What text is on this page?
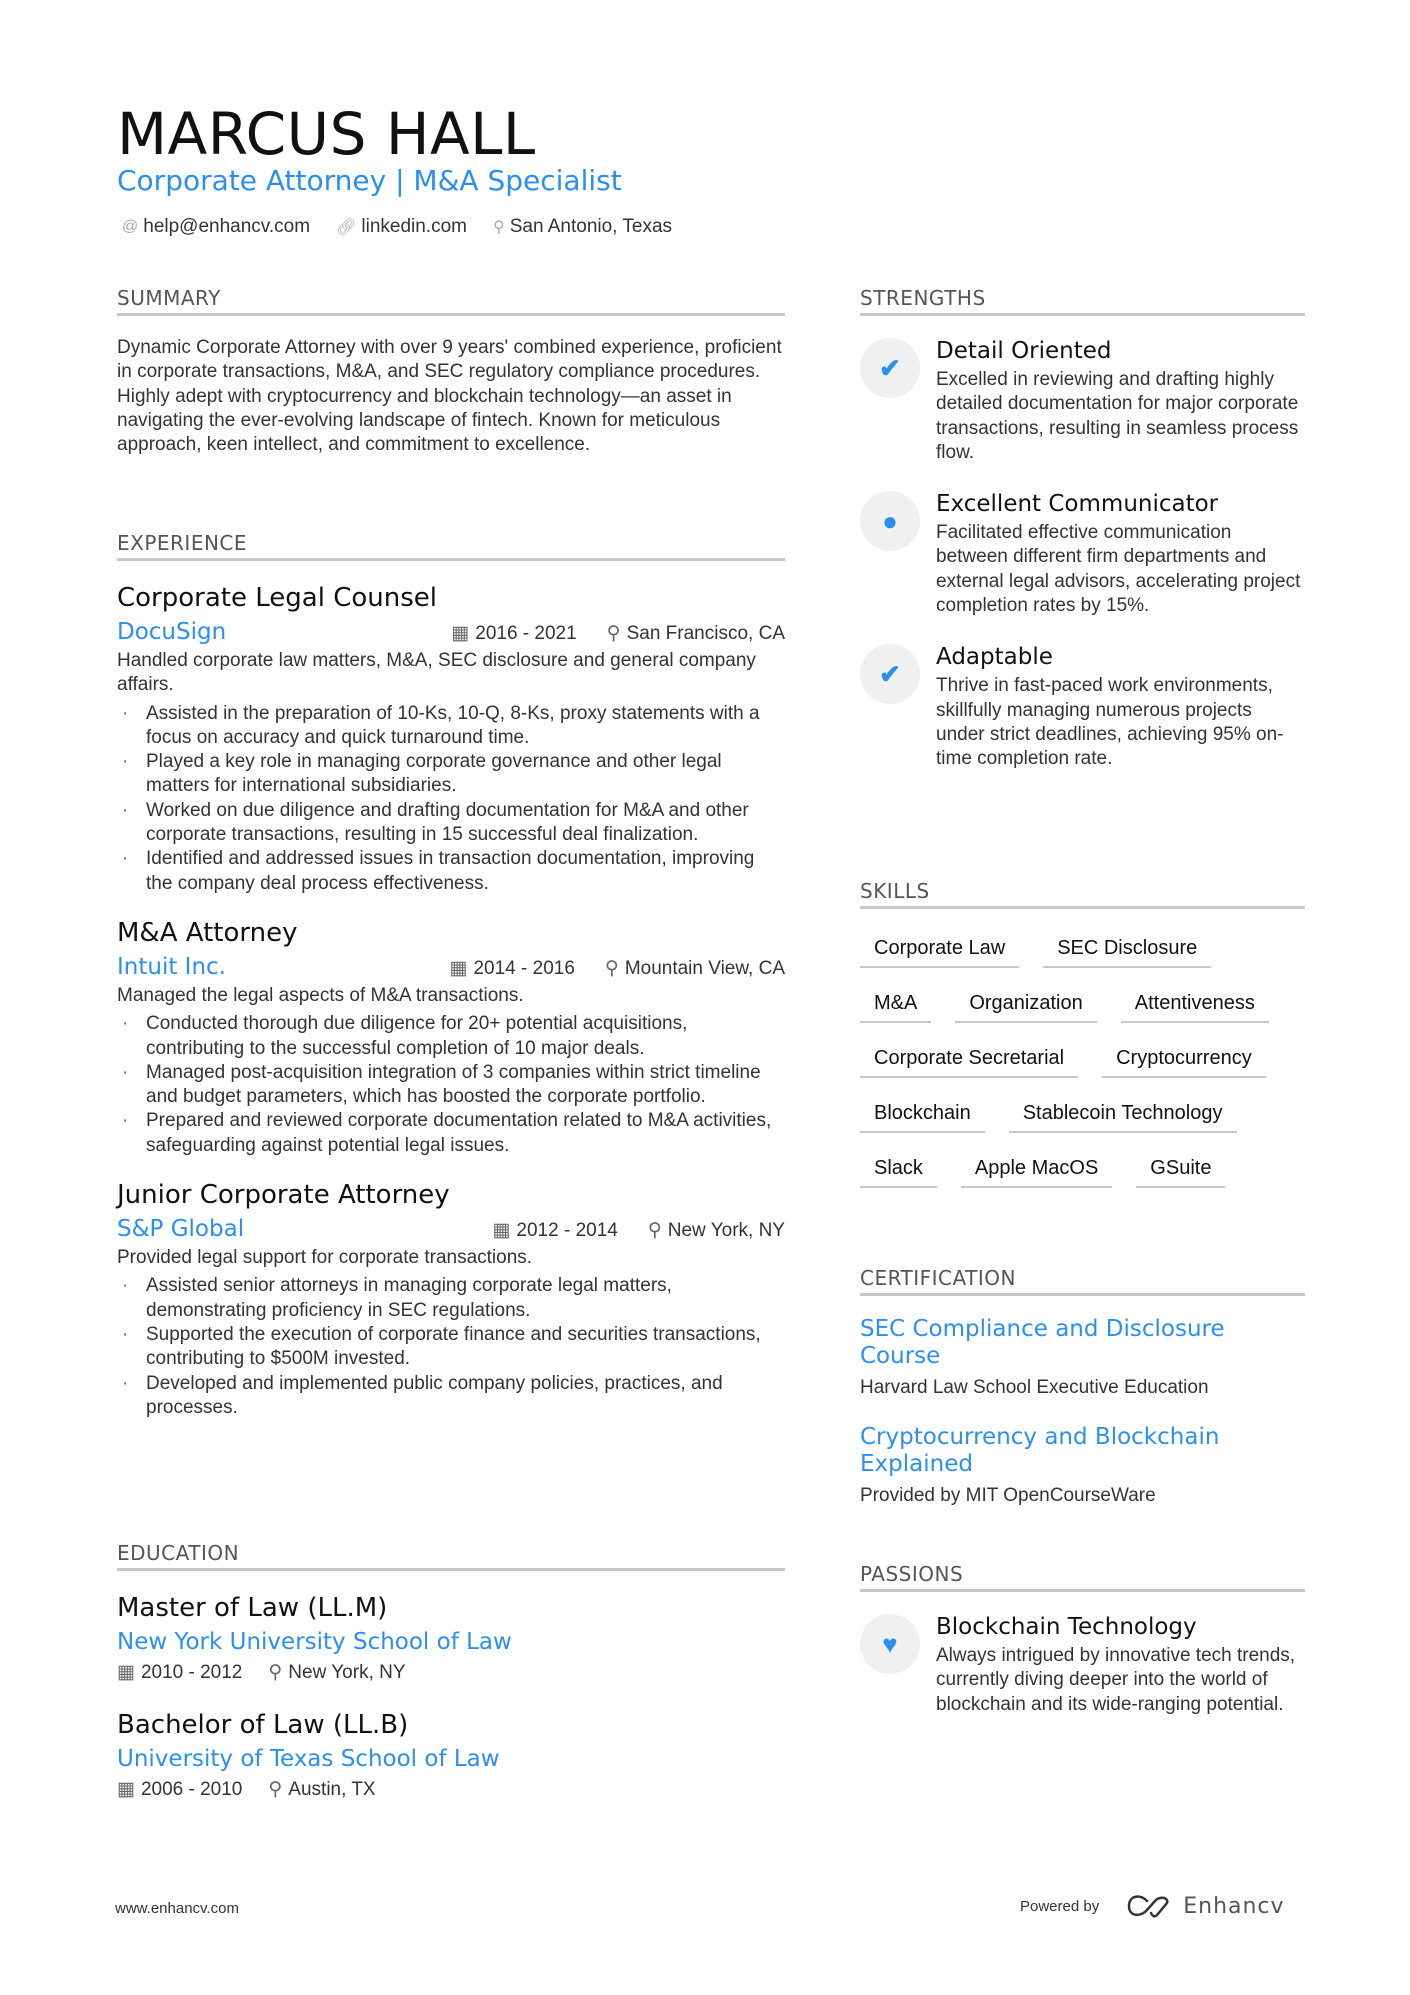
MARCUS HALL
Corporate Attorney | M&A Specialist
@ help@enhancv.com 🔗︎ linkedin.com ⚲ San Antonio, Texas
SUMMARY

Dynamic Corporate Attorney with over 9 years' combined experience, proficient in corporate transactions, M&A, and SEC regulatory compliance procedures. Highly adept with cryptocurrency and blockchain technology—an asset in navigating the ever-evolving landscape of fintech. Known for meticulous approach, keen intellect, and commitment to excellence.

EXPERIENCE
Corporate Legal Counsel
DocuSign	▦ 2016 - 2021 ⚲ San Francisco, CA

Handled corporate law matters, M&A, SEC disclosure and general company affairs.

· Assisted in the preparation of 10-Ks, 10-Q, 8-Ks, proxy statements with a focus on accuracy and quick turnaround time.
· Played a key role in managing corporate governance and other legal matters for international subsidiaries.
· Worked on due diligence and drafting documentation for M&A and other corporate transactions, resulting in 15 successful deal finalization.
· Identified and addressed issues in transaction documentation, improving the company deal process effectiveness.
M&A Attorney
Intuit Inc.	▦ 2014 - 2016 ⚲ Mountain View, CA

Managed the legal aspects of M&A transactions.

· Conducted thorough due diligence for 20+ potential acquisitions, contributing to the successful completion of 10 major deals.
· Managed post-acquisition integration of 3 companies within strict timeline and budget parameters, which has boosted the corporate portfolio.
· Prepared and reviewed corporate documentation related to M&A activities, safeguarding against potential legal issues.
Junior Corporate Attorney
S&P Global	▦ 2012 - 2014 ⚲ New York, NY

Provided legal support for corporate transactions.

· Assisted senior attorneys in managing corporate legal matters, demonstrating proficiency in SEC regulations.
· Supported the execution of corporate finance and securities transactions, contributing to $500M invested.
· Developed and implemented public company policies, practices, and processes.
EDUCATION
Master of Law (LL.M)
New York University School of Law
▦ 2010 - 2012 ⚲ New York, NY
Bachelor of Law (LL.B)
University of Texas School of Law
▦ 2006 - 2010 ⚲ Austin, TX
STRENGTHS
✔
Detail Oriented

Excelled in reviewing and drafting highly detailed documentation for major corporate transactions, resulting in seamless process flow.

●
Excellent Communicator

Facilitated effective communication between different firm departments and external legal advisors, accelerating project completion rates by 15%.

✔
Adaptable

Thrive in fast-paced work environments, skillfully managing numerous projects under strict deadlines, achieving 95% on-time completion rate.

SKILLS
Corporate Law	SEC Disclosure
M&A	Organization	Attentiveness
Corporate Secretarial	Cryptocurrency
Blockchain	Stablecoin Technology
Slack	Apple MacOS	GSuite
CERTIFICATION
SEC Compliance and Disclosure Course
Harvard Law School Executive Education
Cryptocurrency and Blockchain Explained
Provided by MIT OpenCourseWare
PASSIONS
♥
Blockchain Technology

Always intrigued by innovative tech trends, currently diving deeper into the world of blockchain and its wide-ranging potential.

www.enhancv.com	Powered by	Enhancv
